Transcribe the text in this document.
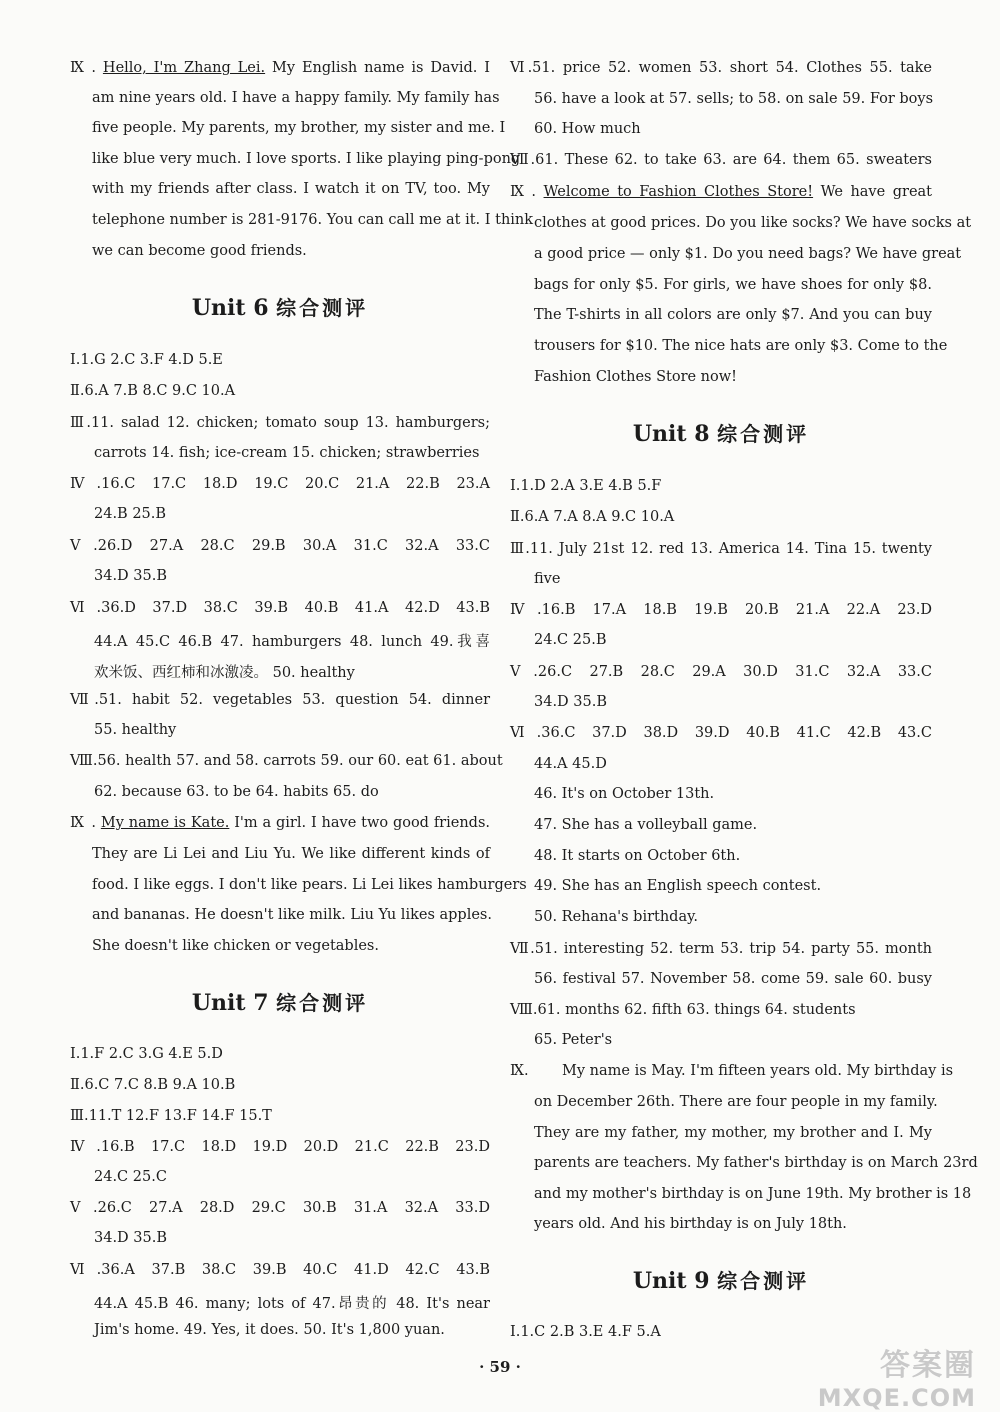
Ⅸ. Hello, I'm Zhang Lei. My English name is David. I
am nine years old. I have a happy family. My family has
five people. My parents, my brother, my sister and me. I
like blue very much. I love sports. I like playing ping-pong
with my friends after class. I watch it on TV, too. My
telephone number is 281-9176. You can call me at it. I think
we can become good friends.
Unit 6 综合测评
Ⅰ.1.G 2.C 3.F 4.D 5.E
Ⅱ.6.A 7.B 8.C 9.C 10.A
Ⅲ.11. salad 12. chicken; tomato soup 13. hamburgers;
carrots 14. fish; ice-cream 15. chicken; strawberries
Ⅳ.16.C 17.C 18.D 19.C 20.C 21.A 22.B 23.A
24.B 25.B
Ⅴ.26.D 27.A 28.C 29.B 30.A 31.C 32.A 33.C
34.D 35.B
Ⅵ.36.D 37.D 38.C 39.B 40.B 41.A 42.D 43.B
44.A 45.C 46.B 47. hamburgers 48. lunch 49.我喜
欢米饭、西红柿和冰激凌。 50. healthy
Ⅶ.51. habit 52. vegetables 53. question 54. dinner
55. healthy
Ⅷ.56. health 57. and 58. carrots 59. our 60. eat 61. about
62. because 63. to be 64. habits 65. do
Ⅸ. My name is Kate. I'm a girl. I have two good friends.
They are Li Lei and Liu Yu. We like different kinds of
food. I like eggs. I don't like pears. Li Lei likes hamburgers
and bananas. He doesn't like milk. Liu Yu likes apples.
She doesn't like chicken or vegetables.
Unit 7 综合测评
Ⅰ.1.F 2.C 3.G 4.E 5.D
Ⅱ.6.C 7.C 8.B 9.A 10.B
Ⅲ.11.T 12.F 13.F 14.F 15.T
Ⅳ.16.B 17.C 18.D 19.D 20.D 21.C 22.B 23.D
24.C 25.C
Ⅴ.26.C 27.A 28.D 29.C 30.B 31.A 32.A 33.D
34.D 35.B
Ⅵ.36.A 37.B 38.C 39.B 40.C 41.D 42.C 43.B
44.A 45.B 46. many; lots of 47.昂贵的 48. It's near
Jim's home. 49. Yes, it does. 50. It's 1,800 yuan.
Ⅵ.51. price 52. women 53. short 54. Clothes 55. take
56. have a look at 57. sells; to 58. on sale 59. For boys
60. How much
Ⅶ.61. These 62. to take 63. are 64. them 65. sweaters
Ⅸ. Welcome to Fashion Clothes Store! We have great
clothes at good prices. Do you like socks? We have socks at
a good price — only $1. Do you need bags? We have great
bags for only $5. For girls, we have shoes for only $8.
The T-shirts in all colors are only $7. And you can buy
trousers for $10. The nice hats are only $3. Come to the
Fashion Clothes Store now!
Unit 8 综合测评
Ⅰ.1.D 2.A 3.E 4.B 5.F
Ⅱ.6.A 7.A 8.A 9.C 10.A
Ⅲ.11. July 21st 12. red 13. America 14. Tina 15. twenty
five
Ⅳ.16.B 17.A 18.B 19.B 20.B 21.A 22.A 23.D
24.C 25.B
Ⅴ.26.C 27.B 28.C 29.A 30.D 31.C 32.A 33.C
34.D 35.B
Ⅵ.36.C 37.D 38.D 39.D 40.B 41.C 42.B 43.C
44.A 45.D
46. It's on October 13th.
47. She has a volleyball game.
48. It starts on October 6th.
49. She has an English speech contest.
50. Rehana's birthday.
Ⅶ.51. interesting 52. term 53. trip 54. party 55. month
56. festival 57. November 58. come 59. sale 60. busy
Ⅷ.61. months 62. fifth 63. things 64. students
65. Peter's
Ⅸ.	My name is May. I'm fifteen years old. My birthday is
on December 26th. There are four people in my family.
They are my father, my mother, my brother and I. My
parents are teachers. My father's birthday is on March 23rd
and my mother's birthday is on June 19th. My brother is 18
years old. And his birthday is on July 18th.
Unit 9 综合测评
Ⅰ.1.C 2.B 3.E 4.F 5.A
· 59 ·	答案圈
MXQE.COM
